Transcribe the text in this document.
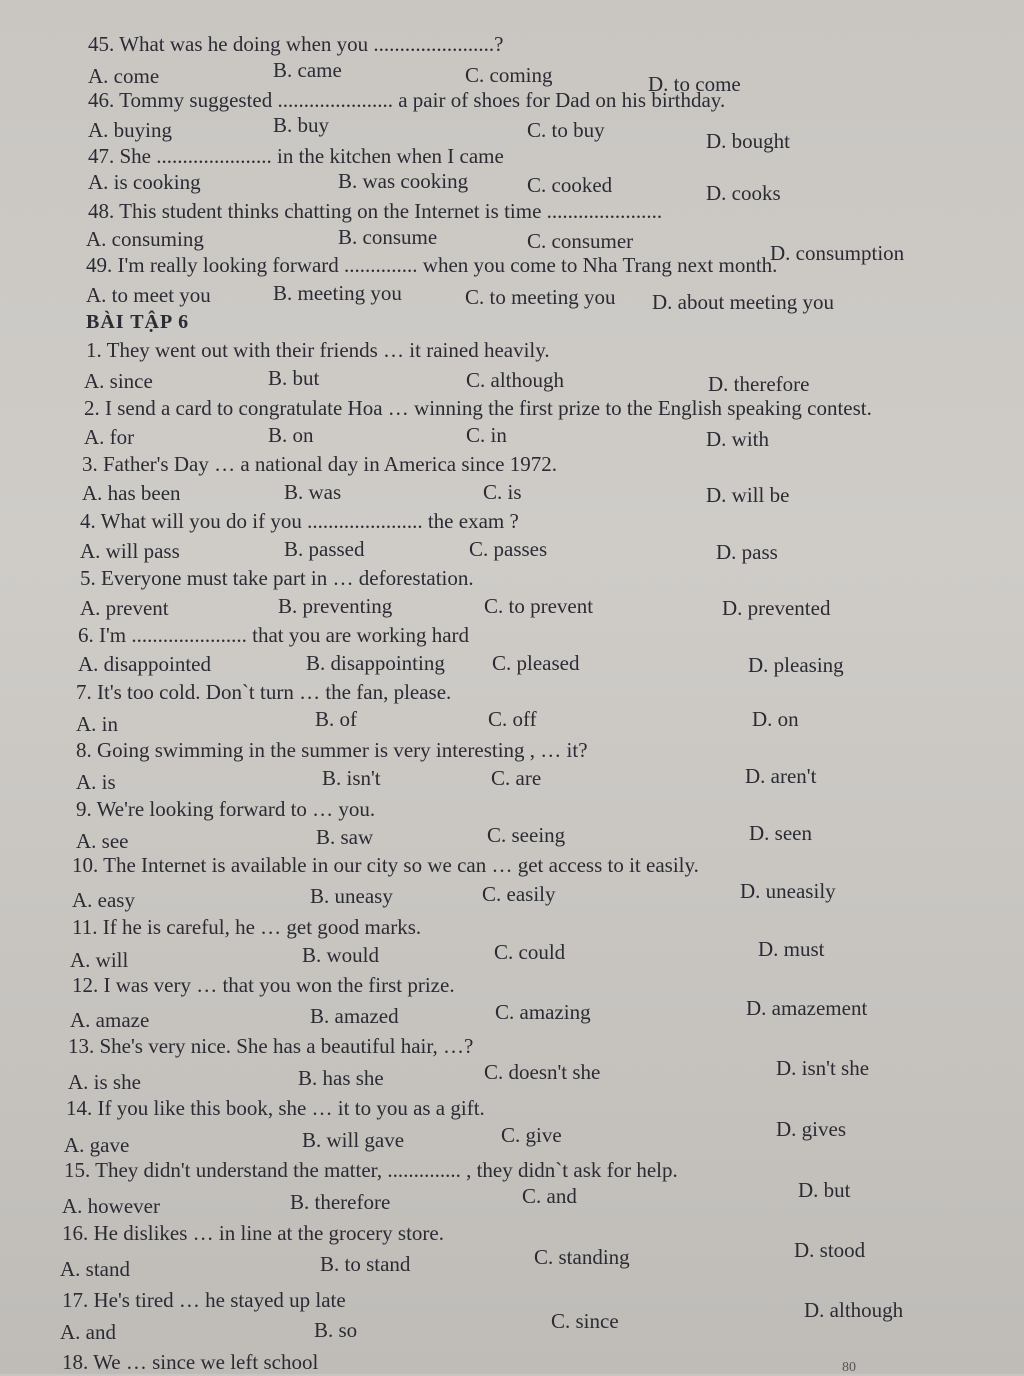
45. What was he doing when you .......................?
A. come	B. came	C. coming	D. to come
46. Tommy suggested ...................... a pair of shoes for Dad on his birthday.
A. buying	B. buy	C. to buy	D. bought
47. She ...................... in the kitchen when I came
A. is cooking	B. was cooking	C. cooked	D. cooks
48. This student thinks chatting on the Internet is time ......................
A. consuming	B. consume	C. consumer	D. consumption
49. I'm really looking forward .............. when you come to Nha Trang next month.
A. to meet you	B. meeting you	C. to meeting you D. about meeting you
BÀI TẬP 6
1. They went out with their friends … it rained heavily.
A. since	B. but	C. although	D. therefore
2. I send a card to congratulate Hoa … winning the first prize to the English speaking contest.
A. for	B. on	C. in	D. with
3. Father's Day … a national day in America since 1972.
A. has been	B. was	C. is	D. will be
4. What will you do if you ...................... the exam ?
A. will pass	B. passed	C. passes	D. pass
5. Everyone must take part in … deforestation.
A. prevent	B. preventing	C. to prevent	D. prevented
6. I'm ...................... that you are working hard
A. disappointed	B. disappointing C. pleased	D. pleasing
7. It's too cold. Don`t turn … the fan, please.
A. in	B. of	C. off	D. on
8. Going swimming in the summer is very interesting , … it?
A. is	B. isn't	C. are	D. aren't
9. We're looking forward to … you.
A. see	B. saw	C. seeing	D. seen
10. The Internet is available in our city so we can … get access to it easily.
A. easy	B. uneasy	C. easily	D. uneasily
11. If he is careful, he … get good marks.
A. will	B. would	C. could	D. must
12. I was very … that you won the first prize.
A. amaze	B. amazed	C. amazing	D. amazement
13. She's very nice. She has a beautiful hair, …?
A. is she	B. has she	C. doesn't she	D. isn't she
14. If you like this book, she … it to you as a gift.
A. gave	B. will gave	C. give	D. gives
15. They didn't understand the matter, .............. , they didn`t ask for help.
A. however	B. therefore	C. and	D. but
16. He dislikes … in line at the grocery store.
A. stand	B. to stand	C. standing	D. stood
17. He's tired … he stayed up late
A. and	B. so	C. since	D. although
18. We … since we left school	80
